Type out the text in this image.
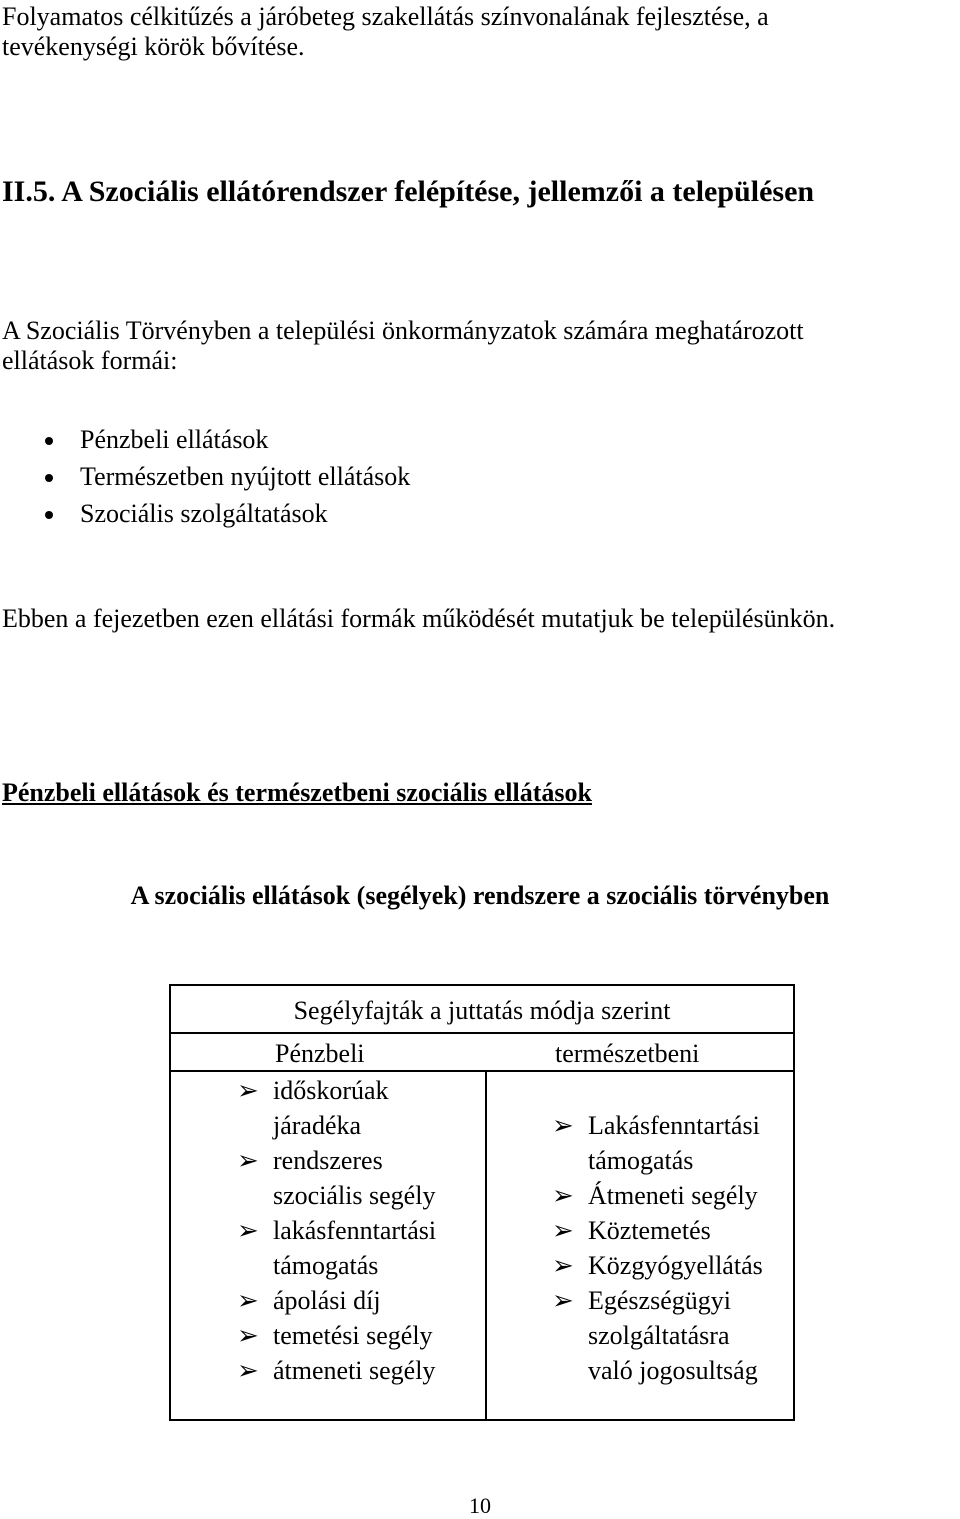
Folyamatos célkitűzés a járóbeteg szakellátás színvonalának fejlesztése, a
tevékenységi körök bővítése.
II.5. A Szociális ellátórendszer felépítése, jellemzői a településen
A Szociális Törvényben a települési önkormányzatok számára meghatározott
ellátások formái:
Pénzbeli ellátások
Természetben nyújtott ellátások
Szociális szolgáltatások
Ebben a fejezetben ezen ellátási formák működését mutatjuk be településünkön.
Pénzbeli ellátások és természetbeni szociális ellátások
A szociális ellátások (segélyek) rendszere a szociális törvényben
Segélyfajták a juttatás módja szerint
Pénzbeli	természetbeni
➢ időskorúak
járadéka
➢ rendszeres
szociális segély
➢ lakásfenntartási
támogatás
➢ ápolási díj
➢ temetési segély
➢ átmeneti segély
➢ Lakásfenntartási
támogatás
➢ Átmeneti segély
➢ Köztemetés
➢ Közgyógyellátás
➢ Egészségügyi
szolgáltatásra
való jogosultság
10
